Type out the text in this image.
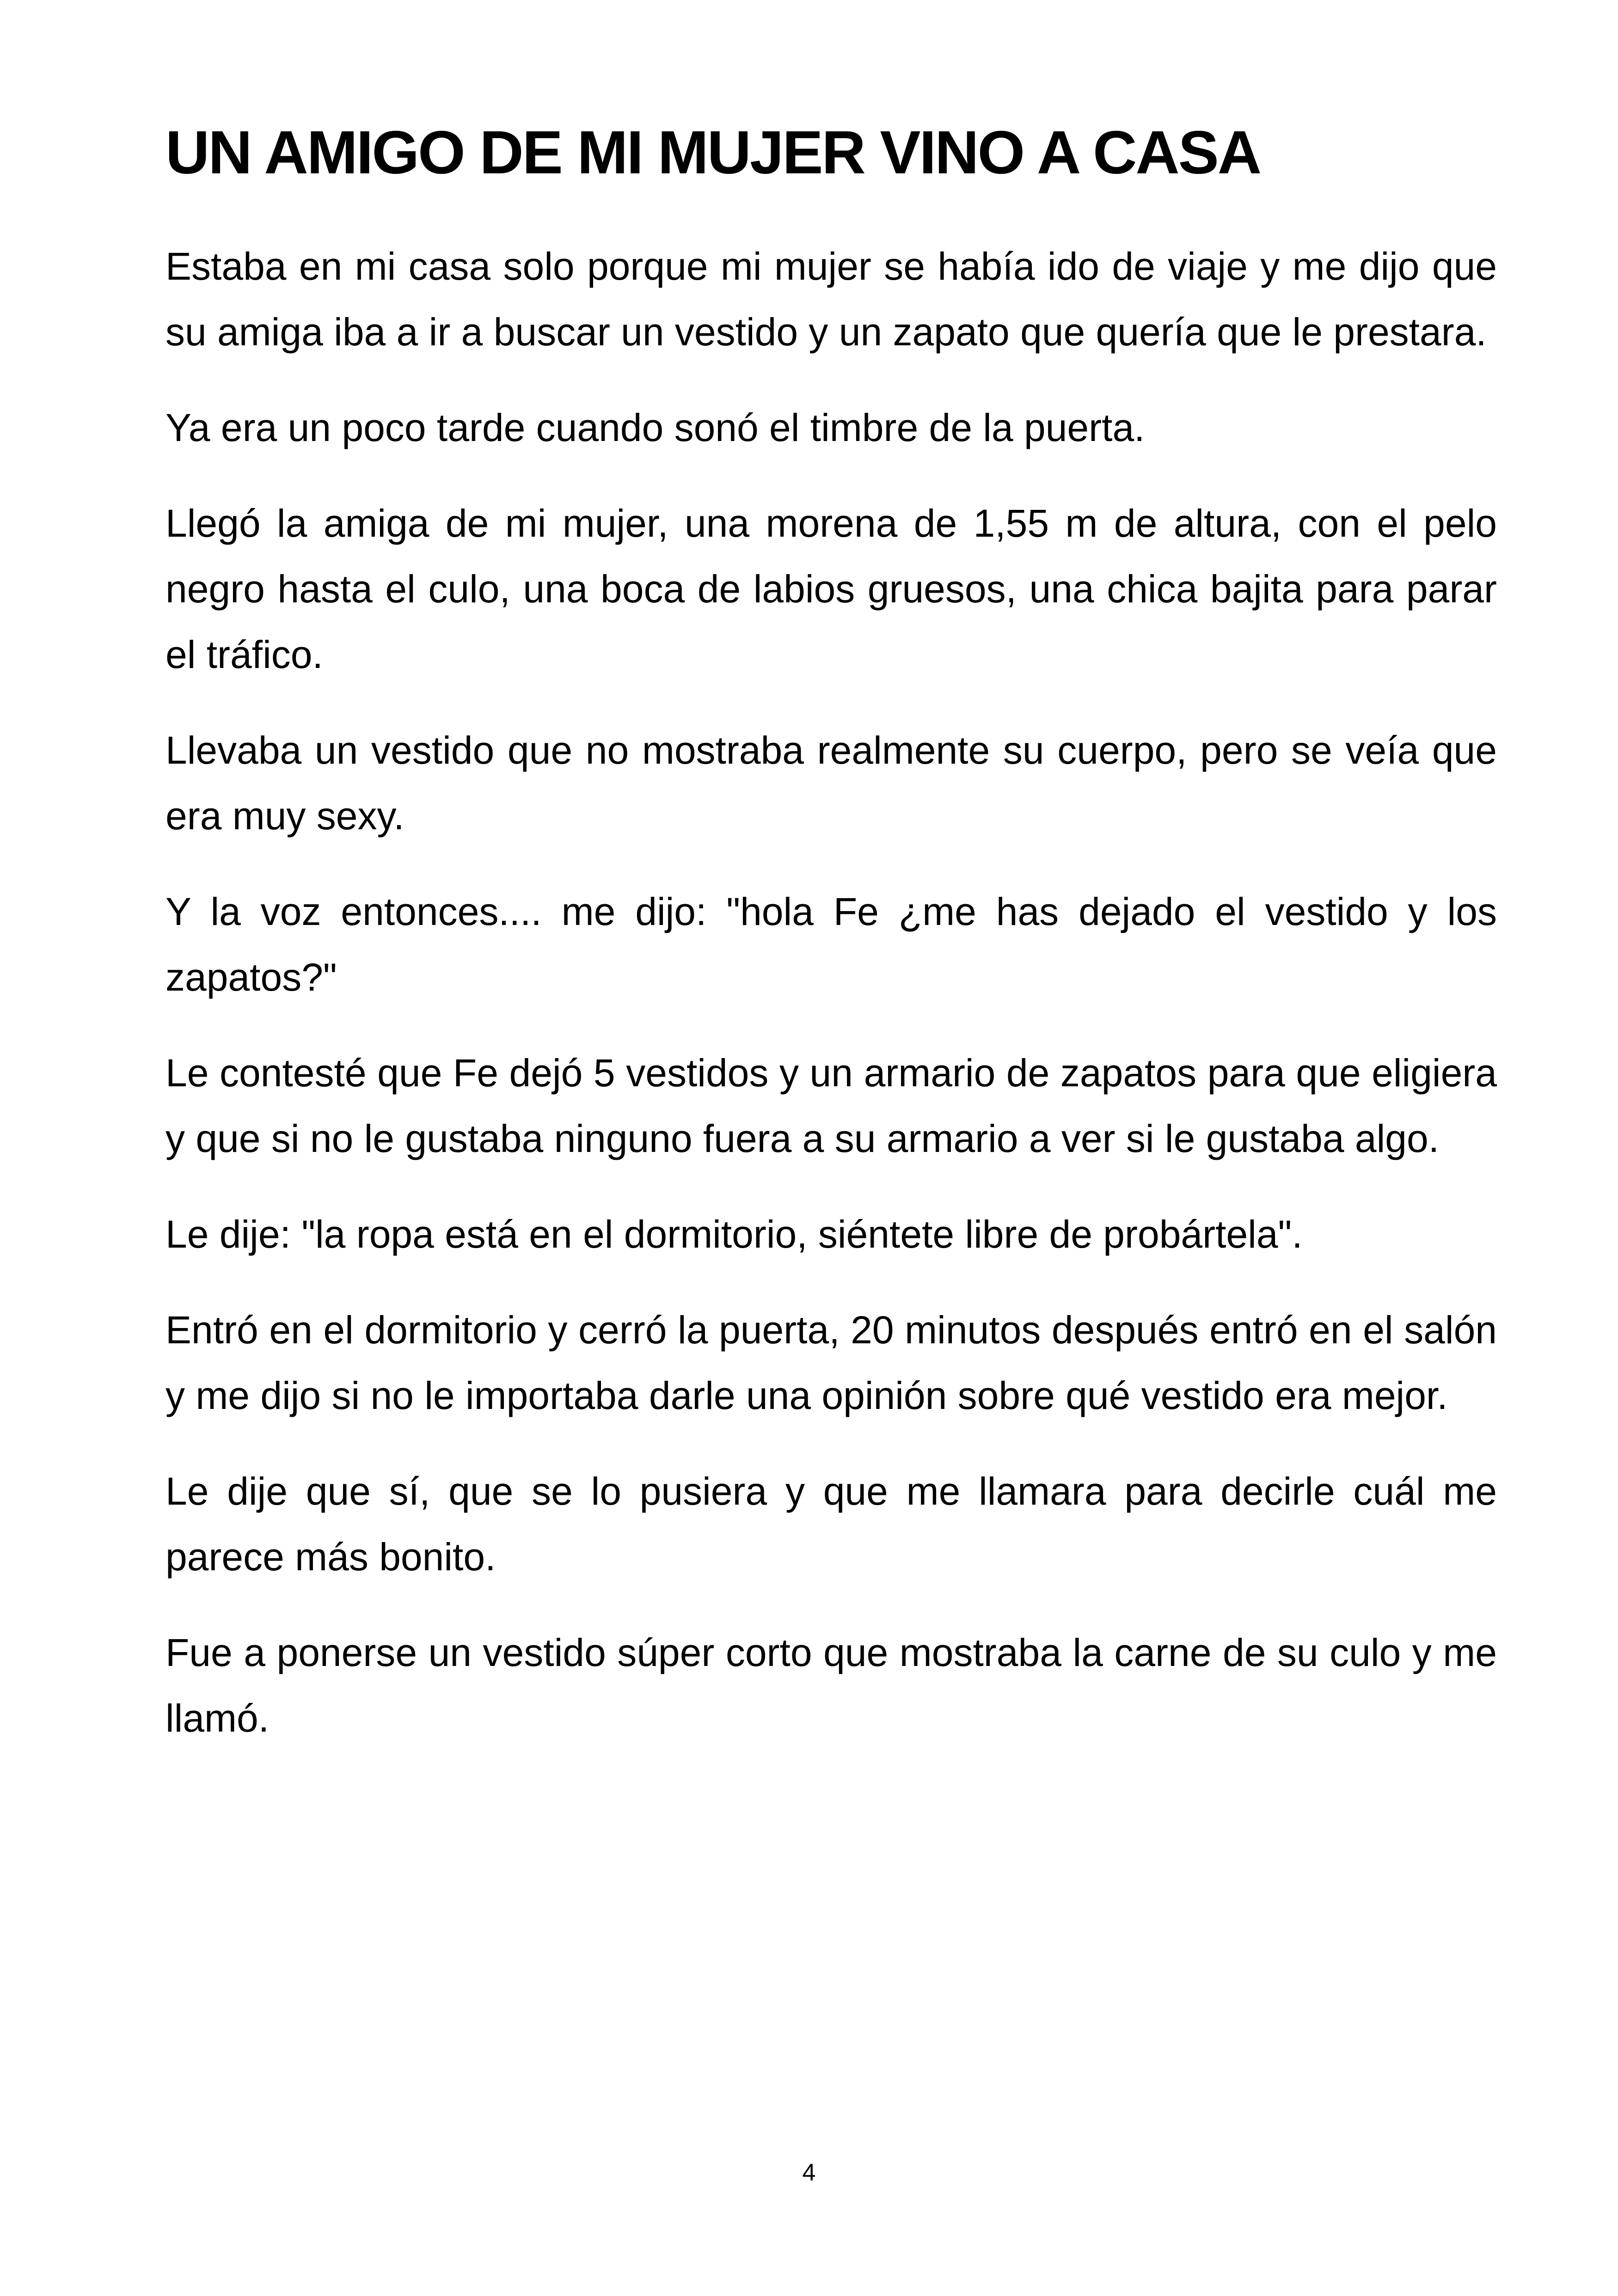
UN AMIGO DE MI MUJER VINO A CASA

Estaba en mi casa solo porque mi mujer se había ido de viaje y me dijo que su amiga iba a ir a buscar un vestido y un zapato que quería que le prestara.

Ya era un poco tarde cuando sonó el timbre de la puerta.

Llegó la amiga de mi mujer, una morena de 1,55 m de altura, con el pelo negro hasta el culo, una boca de labios gruesos, una chica bajita para parar el tráfico.

Llevaba un vestido que no mostraba realmente su cuerpo, pero se veía que era muy sexy.

Y la voz entonces.... me dijo: "hola Fe ¿me has dejado el vestido y los zapatos?"

Le contesté que Fe dejó 5 vestidos y un armario de zapatos para que eligiera y que si no le gustaba ninguno fuera a su armario a ver si le gustaba algo.

Le dije: "la ropa está en el dormitorio, siéntete libre de probártela".

Entró en el dormitorio y cerró la puerta, 20 minutos después entró en el salón y me dijo si no le importaba darle una opinión sobre qué vestido era mejor.

Le dije que sí, que se lo pusiera y que me llamara para decirle cuál me parece más bonito.

Fue a ponerse un vestido súper corto que mostraba la carne de su culo y me llamó.

4
